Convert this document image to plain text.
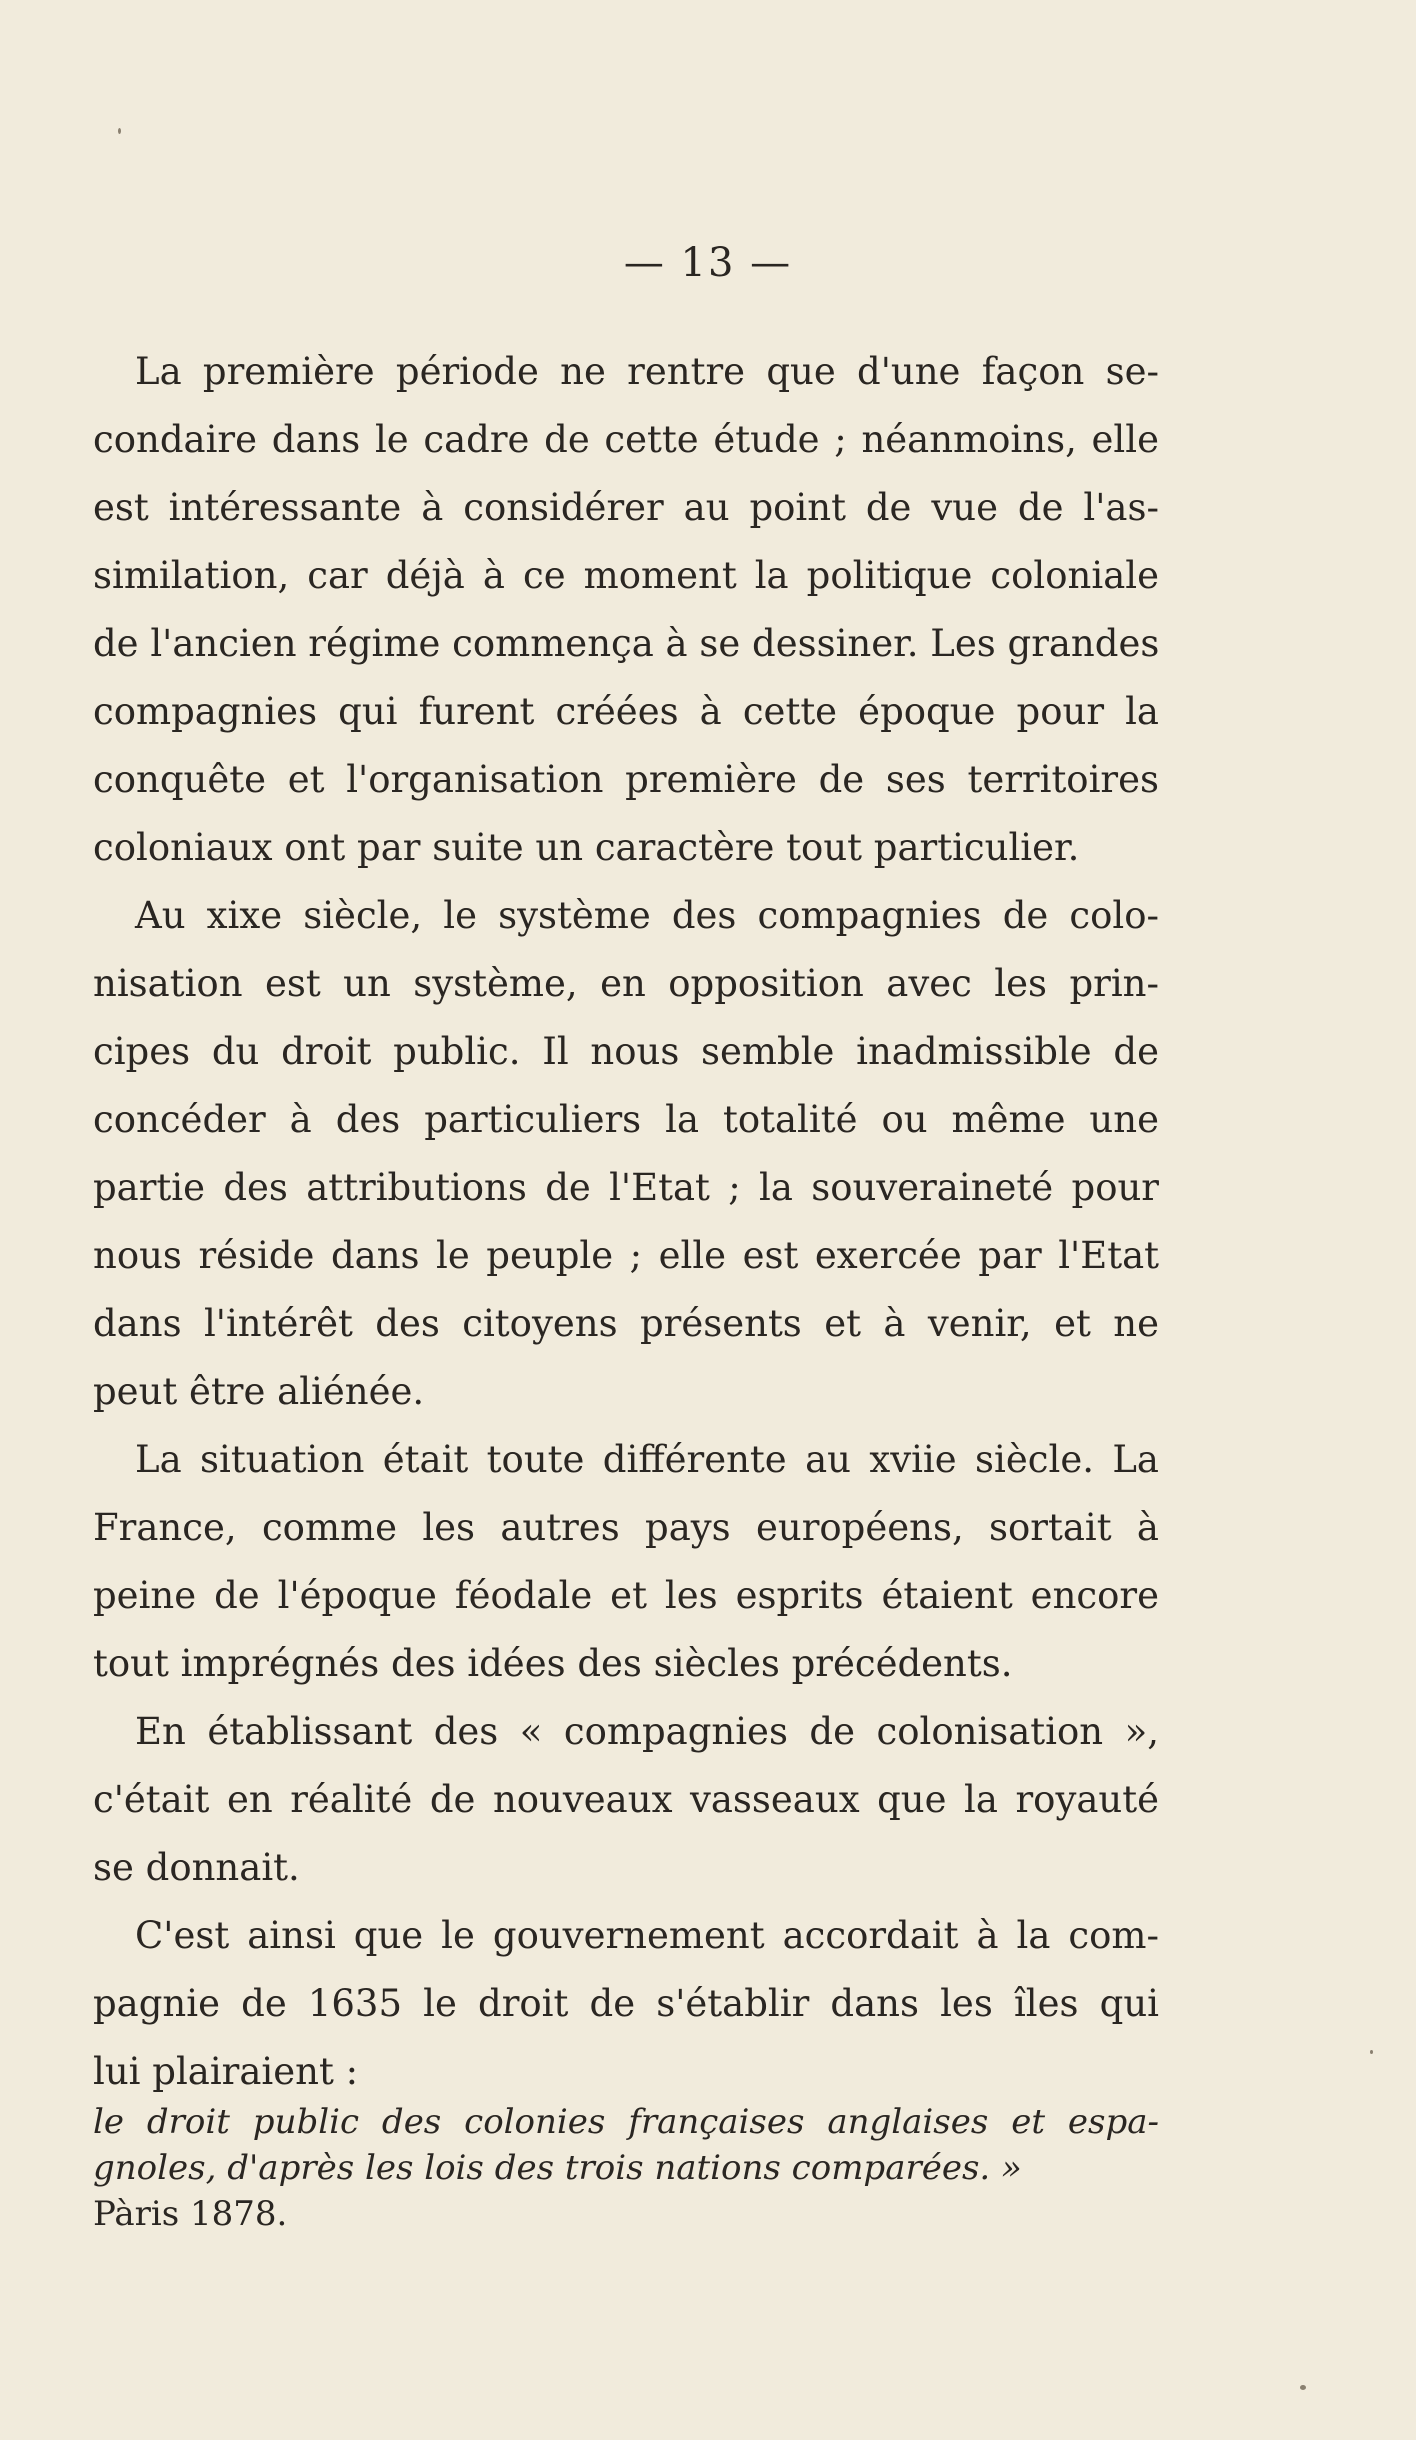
— 13 —
La première période ne rentre que d'une façon se-
condaire dans le cadre de cette étude ; néanmoins, elle
est intéressante à considérer au point de vue de l'as-
similation, car déjà à ce moment la politique coloniale
de l'ancien régime commença à se dessiner. Les grandes
compagnies qui furent créées à cette époque pour la
conquête et l'organisation première de ses territoires
coloniaux ont par suite un caractère tout particulier.
Au xixe siècle, le système des compagnies de colo-
nisation est un système, en opposition avec les prin-
cipes du droit public. Il nous semble inadmissible de
concéder à des particuliers la totalité ou même une
partie des attributions de l'Etat ; la souveraineté pour
nous réside dans le peuple ; elle est exercée par l'Etat
dans l'intérêt des citoyens présents et à venir, et ne
peut être aliénée.
La situation était toute différente au xviie siècle. La
France, comme les autres pays européens, sortait à
peine de l'époque féodale et les esprits étaient encore
tout imprégnés des idées des siècles précédents.
En établissant des « compagnies de colonisation »,
c'était en réalité de nouveaux vasseaux que la royauté
se donnait.
C'est ainsi que le gouvernement accordait à la com-
pagnie de 1635 le droit de s'établir dans les îles qui
lui plairaient :
le droit public des colonies françaises anglaises et espa-
gnoles, d'après les lois des trois nations comparées. »
Pàris 1878.
